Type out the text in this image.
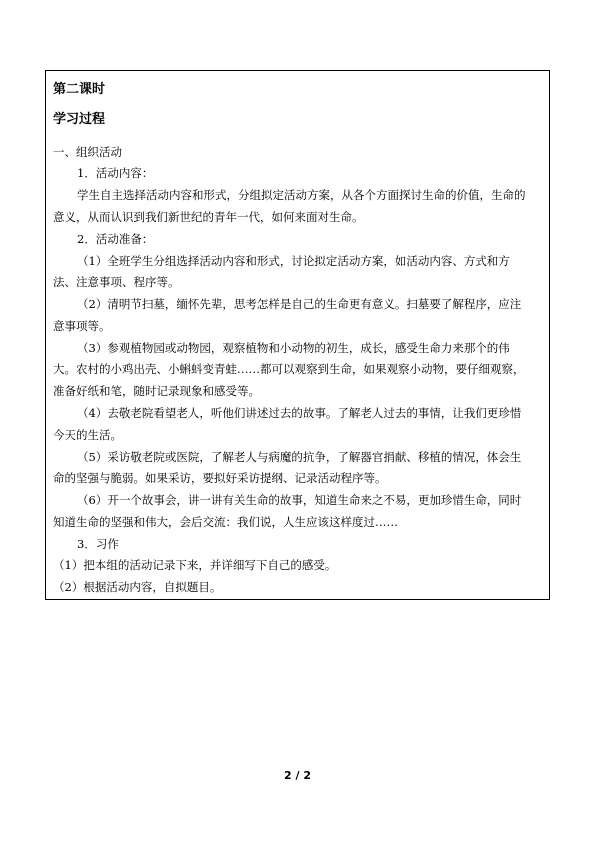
第二课时
学习过程
一、组织活动
1．活动内容：
学生自主选择活动内容和形式，分组拟定活动方案，从各个方面探讨生命的价值，生命的
意义，从而认识到我们新世纪的青年一代，如何来面对生命。
2．活动准备：
（1）全班学生分组选择活动内容和形式，讨论拟定活动方案，如活动内容、方式和方
法、注意事项、程序等。
（2）清明节扫墓，缅怀先辈，思考怎样是自己的生命更有意义。扫墓要了解程序，应注
意事项等。
（3）参观植物园或动物园，观察植物和小动物的初生，成长，感受生命力来那个的伟
大。农村的小鸡出壳、小蝌蚪变青蛙……都可以观察到生命，如果观察小动物，要仔细观察，
准备好纸和笔，随时记录现象和感受等。
（4）去敬老院看望老人，听他们讲述过去的故事。了解老人过去的事情，让我们更珍惜
今天的生活。
（5）采访敬老院或医院，了解老人与病魔的抗争，了解器官捐献、移植的情况，体会生
命的坚强与脆弱。如果采访，要拟好采访提纲、记录活动程序等。
（6）开一个故事会，讲一讲有关生命的故事，知道生命来之不易，更加珍惜生命，同时
知道生命的坚强和伟大，会后交流：我们说，人生应该这样度过……
3．习作
（1）把本组的活动记录下来，并详细写下自己的感受。
（2）根据活动内容，自拟题目。
2 / 2
